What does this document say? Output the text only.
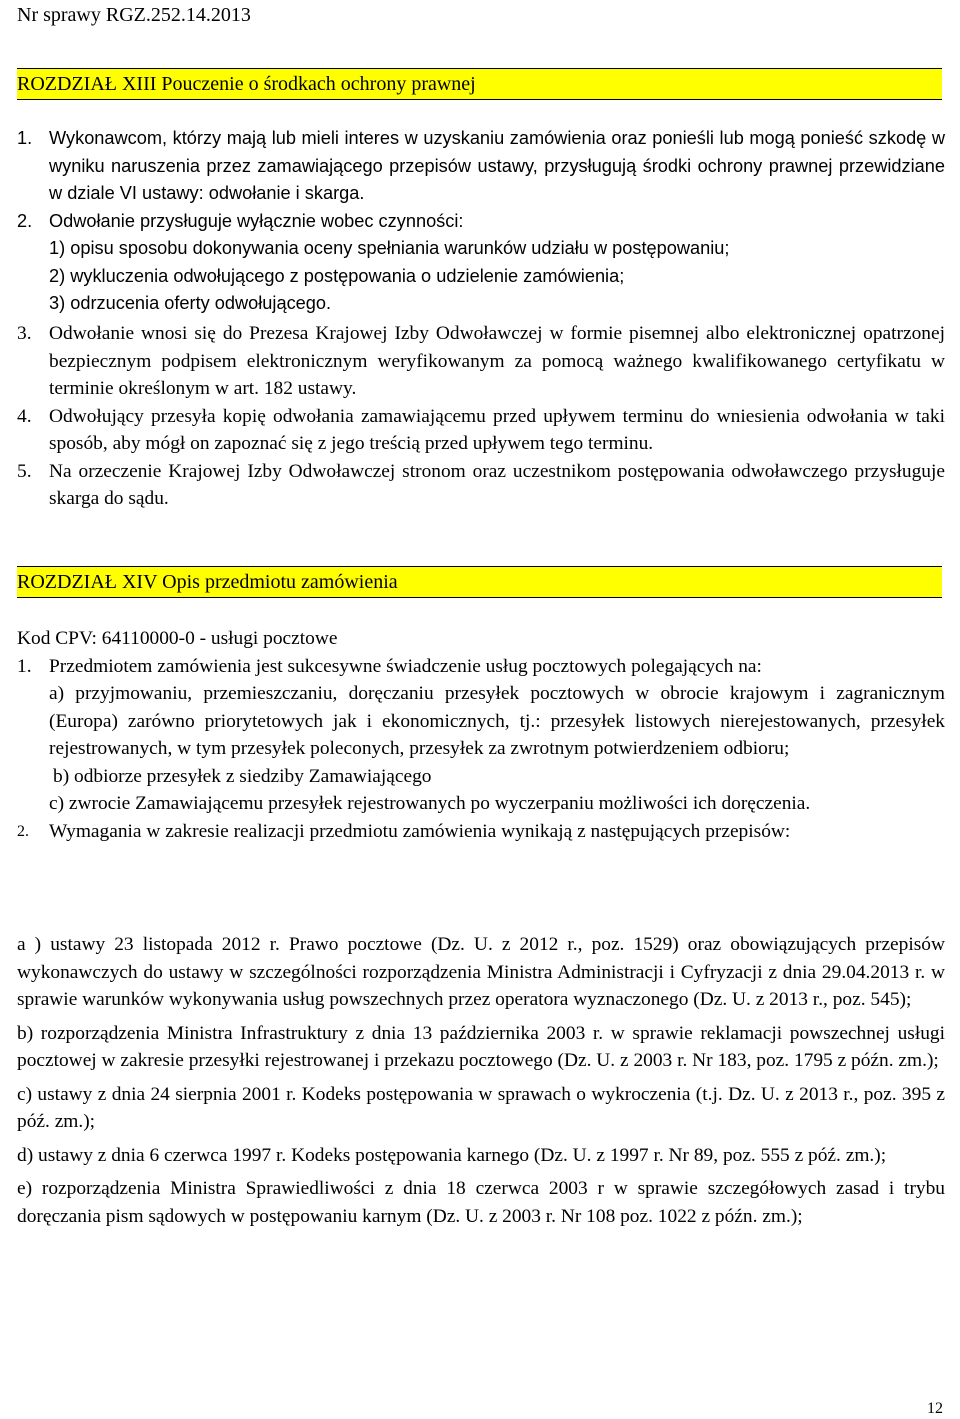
Nr sprawy RGZ.252.14.2013
ROZDZIAŁ XIII Pouczenie o środkach ochrony prawnej
1. Wykonawcom, którzy mają lub mieli interes w uzyskaniu zamówienia oraz ponieśli lub mogą ponieść szkodę w wyniku naruszenia przez zamawiającego przepisów ustawy, przysługują środki ochrony prawnej przewidziane w dziale VI ustawy: odwołanie i skarga.
2. Odwołanie przysługuje wyłącznie wobec czynności:
1) opisu sposobu dokonywania oceny spełniania warunków udziału w postępowaniu;
2) wykluczenia odwołującego z postępowania o udzielenie zamówienia;
3) odrzucenia oferty odwołującego.
3. Odwołanie wnosi się do Prezesa Krajowej Izby Odwoławczej w formie pisemnej albo elektronicznej opatrzonej bezpiecznym podpisem elektronicznym weryfikowanym za pomocą ważnego kwalifikowanego certyfikatu w terminie określonym w art. 182 ustawy.
4. Odwołujący przesyła kopię odwołania zamawiającemu przed upływem terminu do wniesienia odwołania w taki sposób, aby mógł on zapoznać się z jego treścią przed upływem tego terminu.
5. Na orzeczenie Krajowej Izby Odwoławczej stronom oraz uczestnikom postępowania odwoławczego przysługuje skarga do sądu.
ROZDZIAŁ XIV Opis przedmiotu zamówienia
Kod CPV: 64110000-0 - usługi pocztowe
1. Przedmiotem zamówienia jest sukcesywne świadczenie usług pocztowych polegających na:
a) przyjmowaniu, przemieszczaniu, doręczaniu przesyłek pocztowych w obrocie krajowym i zagranicznym (Europa) zarówno priorytetowych jak i ekonomicznych, tj.: przesyłek listowych nierejestowanych, przesyłek rejestrowanych, w tym przesyłek poleconych, przesyłek za zwrotnym potwierdzeniem odbioru;
b) odbiorze przesyłek z siedziby Zamawiającego
c) zwrocie Zamawiającemu przesyłek rejestrowanych po wyczerpaniu możliwości ich doręczenia.
2.	Wymagania w zakresie realizacji przedmiotu zamówienia wynikają z następujących przepisów:
a ) ustawy 23 listopada 2012 r. Prawo pocztowe (Dz. U. z 2012 r., poz. 1529) oraz obowiązujących przepisów wykonawczych do ustawy w szczególności rozporządzenia Ministra Administracji i Cyfryzacji z dnia 29.04.2013 r. w sprawie warunków wykonywania usług powszechnych przez operatora wyznaczonego (Dz. U. z 2013 r., poz. 545);
b) rozporządzenia Ministra Infrastruktury z dnia 13 października 2003 r. w sprawie reklamacji powszechnej usługi pocztowej w zakresie przesyłki rejestrowanej i przekazu pocztowego (Dz. U. z 2003 r. Nr 183, poz. 1795 z późn. zm.);
c) ustawy z dnia 24 sierpnia 2001 r. Kodeks postępowania w sprawach o wykroczenia (t.j. Dz. U. z 2013 r., poz. 395 z póź. zm.);
d) ustawy z dnia 6 czerwca 1997 r. Kodeks postępowania karnego (Dz. U. z 1997 r. Nr 89, poz. 555 z póź. zm.);
e) rozporządzenia Ministra Sprawiedliwości z dnia 18 czerwca 2003 r w sprawie szczegółowych zasad i trybu doręczania pism sądowych w postępowaniu karnym (Dz. U. z 2003 r. Nr 108 poz. 1022 z późn. zm.);
12
